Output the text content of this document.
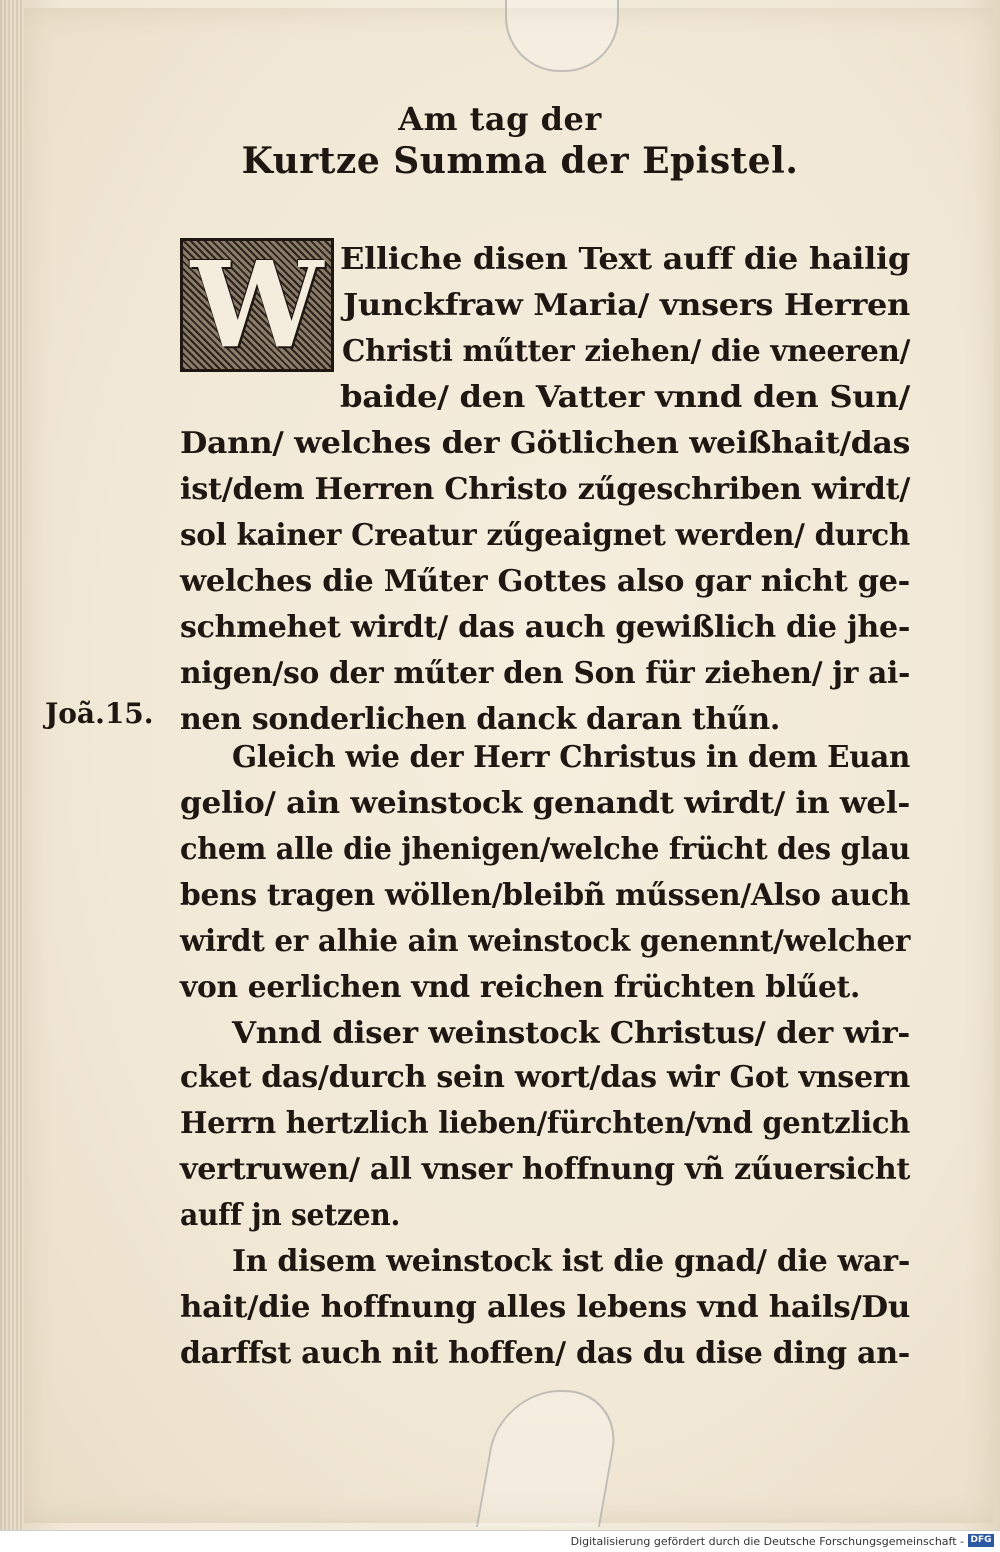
Am tag der
Kurtze Summa der Epistel.
W
Joã.15.
Elliche disen Text auff die hailig
Junckfraw Maria/ vnsers Herren
Christi műtter ziehen/ die vneeren/
baide/ den Vatter vnnd den Sun/
Dann/ welches der Götlichen weißhait/das
ist/dem Herren Christo zűgeschriben wirdt/
sol kainer Creatur zűgeaignet werden/ durch
welches die Műter Gottes also gar nicht ge-
schmehet wirdt/ das auch gewißlich die jhe-
nigen/so der műter den Son für ziehen/ jr ai-
nen sonderlichen danck daran thűn.
Gleich wie der Herr Christus in dem Euan
gelio/ ain weinstock genandt wirdt/ in wel-
chem alle die jhenigen/welche frücht des glau
bens tragen wöllen/bleibñ műssen/Also auch
wirdt er alhie ain weinstock genennt/welcher
von eerlichen vnd reichen früchten blűet.
Vnnd diser weinstock Christus/ der wir-
cket das/durch sein wort/das wir Got vnsern
Herrn hertzlich lieben/fürchten/vnd gentzlich
vertruwen/ all vnser hoffnung vñ zűuersicht
auff jn setzen.
In disem weinstock ist die gnad/ die war-
hait/die hoffnung alles lebens vnd hails/Du
darffst auch nit hoffen/ das du dise ding an-
Digitalisierung gefördert durch die Deutsche Forschungsgemeinschaft - DFG
